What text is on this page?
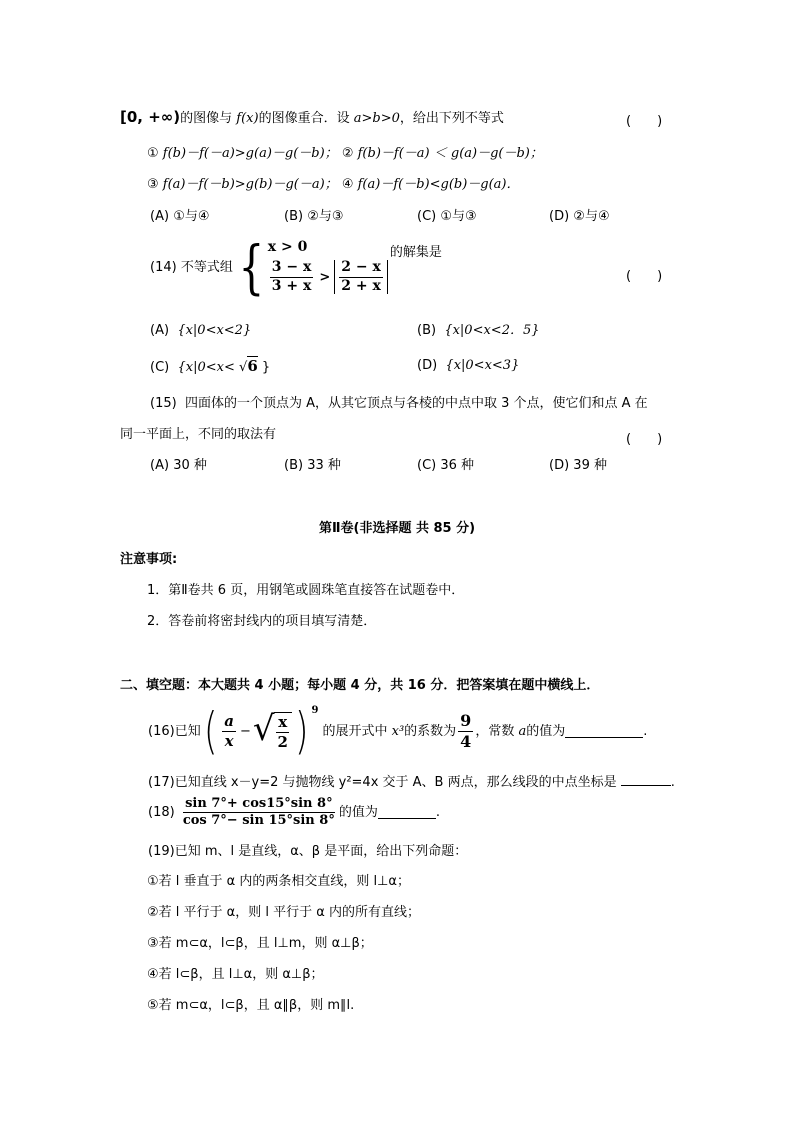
[0, +∞)的图像与 f(x)的图像重合．设 a>b>0，给出下列不等式	(　　)
① f(b)－f(－a)>g(a)－g(－b)； ② f(b)－f(－a) ＜ g(a)－g(－b)；
③ f(a)－f(－b)>g(b)－g(－a)； ④ f(a)－f(－b)<g(b)－g(a)．
(A) ①与④	(B) ②与③	(C) ①与③	(D) ②与④
(14)
不等式组 { x > 0
$\frac{3 - x}{3 + x} > \frac{2 - x}{2 + x}$
的解集是
(　　)
(A) {x|0<x<2}	(B) {x|0<x<2．5}
(C) {x|0<x< √6 }	(D) {x|0<x<3}
(15) 四面体的一个顶点为 A，从其它顶点与各棱的中点中取 3 个点，使它们和点 A 在
同一平面上，不同的取法有	(　　)
(A) 30 种	(B) 33 种	(C) 36 种	(D) 39 种
第Ⅱ卷(非选择题 共 85 分)
注意事项:
1．第Ⅱ卷共 6 页，用钢笔或圆珠笔直接答在试题卷中．
2．答卷前将密封线内的项目填写清楚．
二、填空题：本大题共 4 小题；每小题 4 分，共 16 分．把答案填在题中横线上．
(16) 已知 ( $\frac{a}{x}$ − √ $\frac{x}{2}$ ) $^9$
的展开式中
x³ 的系数为 $\frac{9}{4}$ ，常数
a 的值为	.
(17)已知直线 x－y=2 与抛物线 y²=4x 交于 A、B 两点，那么线段的中点坐标是	.
(18)
$\frac{\sin 7^\circ+ \cos 15^\circ\sin 8^\circ}{\cos 7^\circ- \sin 15^\circ\sin 8^\circ}$ 的值为	.
(19)已知 m、l 是直线，α、β 是平面，给出下列命题：
①若 l 垂直于 α 内的两条相交直线，则 l⊥α；
②若 l 平行于 α，则 l 平行于 α 内的所有直线；
③若 m⊂α，l⊂β，且 l⊥m，则 α⊥β；
④若 l⊂β，且 l⊥α，则 α⊥β；
⑤若 m⊂α，l⊂β，且 α∥β，则 m∥l.
